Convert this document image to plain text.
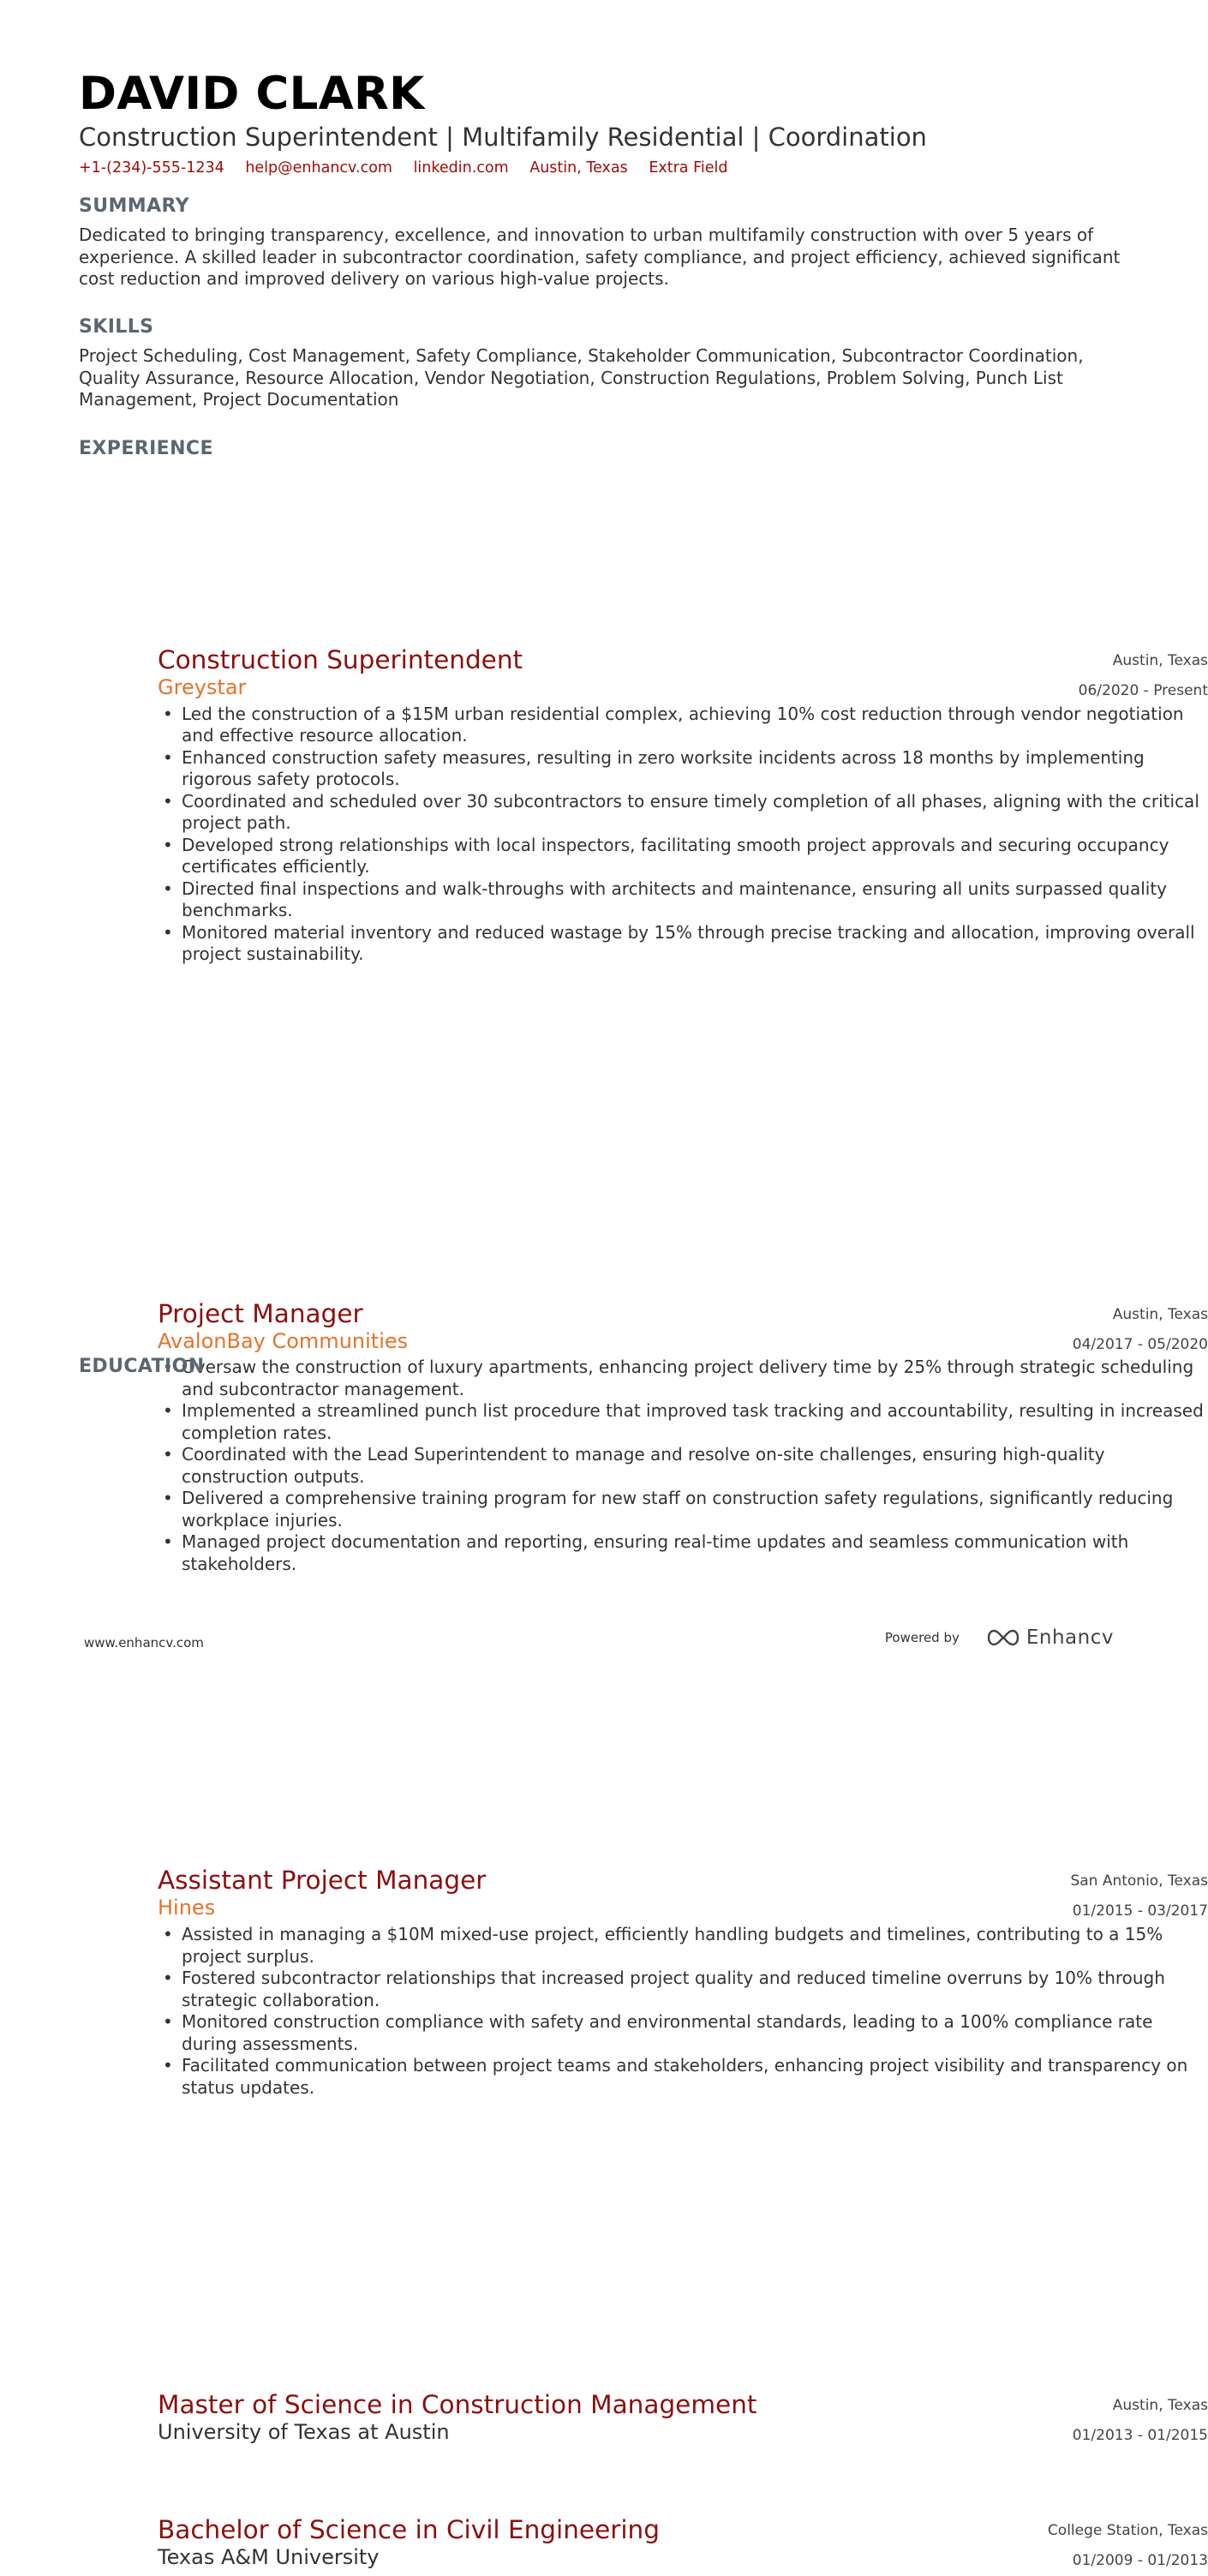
DAVID CLARK
Construction Superintendent | Multifamily Residential | Coordination
+1-(234)-555-1234 help@enhancv.com linkedin.com Austin, Texas Extra Field
SUMMARY
Dedicated to bringing transparency, excellence, and innovation to urban multifamily construction with over 5 years of experience. A skilled leader in subcontractor coordination, safety compliance, and project efficiency, achieved significant cost reduction and improved delivery on various high-value projects.
SKILLS
Project Scheduling, Cost Management, Safety Compliance, Stakeholder Communication, Subcontractor Coordination, Quality Assurance, Resource Allocation, Vendor Negotiation, Construction Regulations, Problem Solving, Punch List Management, Project Documentation
EXPERIENCE
Construction Superintendent
Greystar
Austin, Texas
06/2020 - Present
• Led the construction of a $15M urban residential complex, achieving 10% cost reduction through vendor negotiation and effective resource allocation.
• Enhanced construction safety measures, resulting in zero worksite incidents across 18 months by implementing rigorous safety protocols.
• Coordinated and scheduled over 30 subcontractors to ensure timely completion of all phases, aligning with the critical project path.
• Developed strong relationships with local inspectors, facilitating smooth project approvals and securing occupancy certificates efficiently.
• Directed final inspections and walk-throughs with architects and maintenance, ensuring all units surpassed quality benchmarks.
• Monitored material inventory and reduced wastage by 15% through precise tracking and allocation, improving overall project sustainability.
Project Manager
AvalonBay Communities
Austin, Texas
04/2017 - 05/2020
• Oversaw the construction of luxury apartments, enhancing project delivery time by 25% through strategic scheduling and subcontractor management.
• Implemented a streamlined punch list procedure that improved task tracking and accountability, resulting in increased completion rates.
• Coordinated with the Lead Superintendent to manage and resolve on-site challenges, ensuring high-quality construction outputs.
• Delivered a comprehensive training program for new staff on construction safety regulations, significantly reducing workplace injuries.
• Managed project documentation and reporting, ensuring real-time updates and seamless communication with stakeholders.
Assistant Project Manager
Hines
San Antonio, Texas
01/2015 - 03/2017
• Assisted in managing a $10M mixed-use project, efficiently handling budgets and timelines, contributing to a 15% project surplus.
• Fostered subcontractor relationships that increased project quality and reduced timeline overruns by 10% through strategic collaboration.
• Monitored construction compliance with safety and environmental standards, leading to a 100% compliance rate during assessments.
• Facilitated communication between project teams and stakeholders, enhancing project visibility and transparency on status updates.
EDUCATION
Master of Science in Construction Management
University of Texas at Austin
Austin, Texas
01/2013 - 01/2015
Bachelor of Science in Civil Engineering
Texas A&M University
College Station, Texas
01/2009 - 01/2013
www.enhancv.com	Powered by	Enhancv
